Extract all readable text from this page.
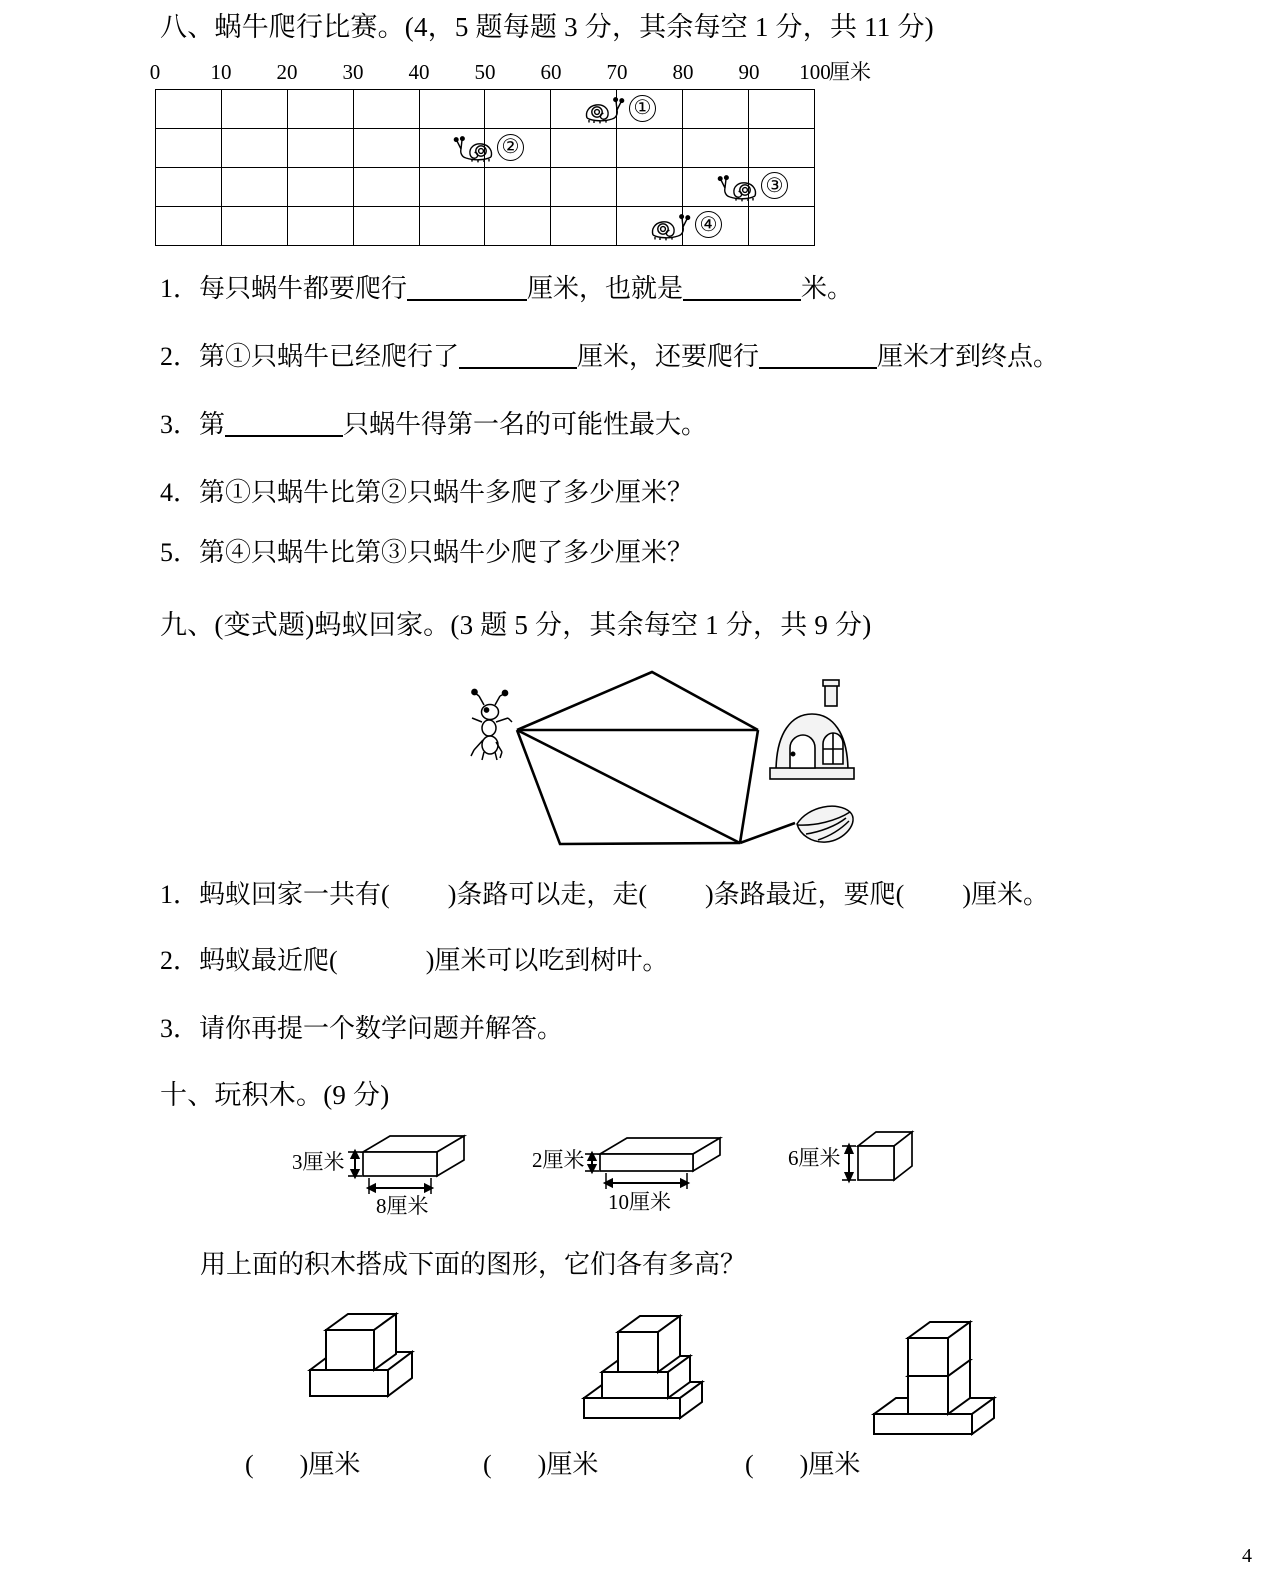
八、蜗牛爬行比赛。(4，5 题每题 3 分，其余每空 1 分，共 11 分)
0 10 20 30 40 50 60 70 80 90 100
厘米

①
②
③
④
1．每只蜗牛都要爬行	厘米，也就是	米。
2．第①只蜗牛已经爬行了	厘米，还要爬行	厘米才到终点。
3．第	只蜗牛得第一名的可能性最大。
4．第①只蜗牛比第②只蜗牛多爬了多少厘米？
5．第④只蜗牛比第③只蜗牛少爬了多少厘米？
九、(变式题)蚂蚁回家。(3 题 5 分，其余每空 1 分，共 9 分)
1．蚂蚁回家一共有( )条路可以走，走( )条路最近，要爬( )厘米。
2．蚂蚁最近爬(	)厘米可以吃到树叶。
3．请你再提一个数学问题并解答。
十、玩积木。(9 分)
3厘米
8厘米
2厘米
10厘米
6厘米
用上面的积木搭成下面的图形，它们各有多高？
( )厘米	( )厘米	( )厘米
4
